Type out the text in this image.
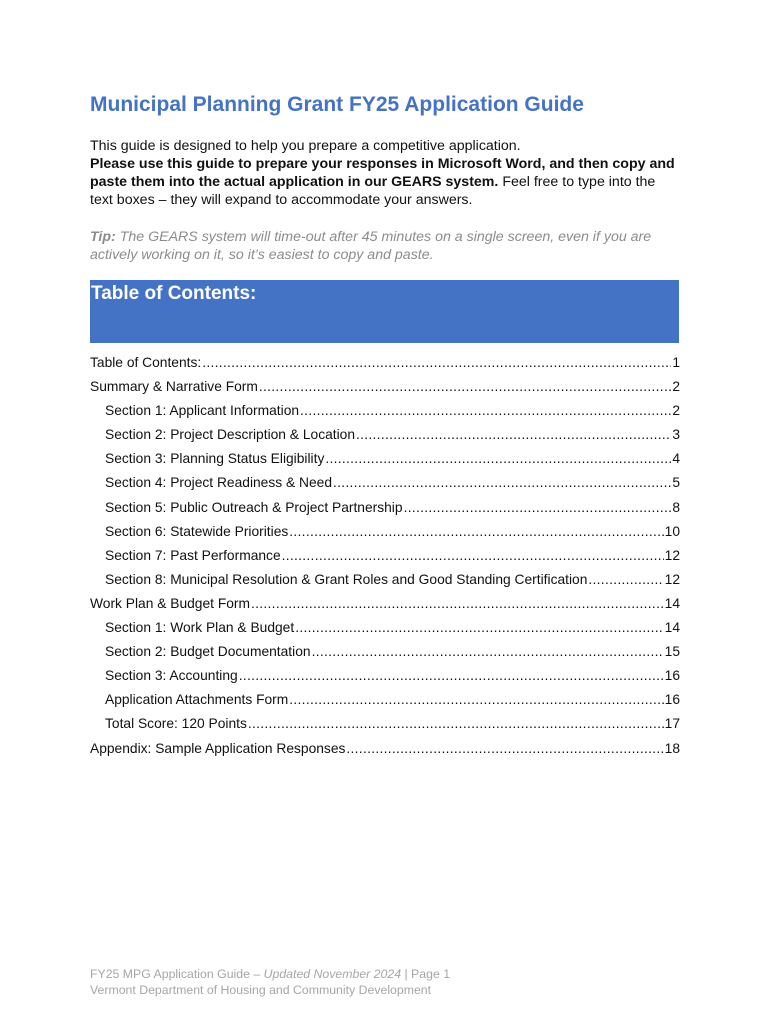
Municipal Planning Grant FY25 Application Guide
This guide is designed to help you prepare a competitive application.
Please use this guide to prepare your responses in Microsoft Word, and then copy and paste them into the actual application in our GEARS system. Feel free to type into the text boxes – they will expand to accommodate your answers.
Tip: The GEARS system will time-out after 45 minutes on a single screen, even if you are actively working on it, so it’s easiest to copy and paste.
Table of Contents:
Table of Contents: .....	1
Summary & Narrative Form .....	2
Section 1: Applicant Information .....	2
Section 2: Project Description & Location .....	3
Section 3: Planning Status Eligibility .....	4
Section 4: Project Readiness & Need .....	5
Section 5: Public Outreach & Project Partnership .....	8
Section 6: Statewide Priorities .....	10
Section 7: Past Performance .....	12
Section 8: Municipal Resolution & Grant Roles and Good Standing Certification .....	12
Work Plan & Budget Form .....	14
Section 1: Work Plan & Budget .....	14
Section 2: Budget Documentation .....	15
Section 3: Accounting .....	16
Application Attachments Form .....	16
Total Score: 120 Points .....	17
Appendix: Sample Application Responses .....	18
FY25 MPG Application Guide – Updated November 2024 | Page 1
Vermont Department of Housing and Community Development
